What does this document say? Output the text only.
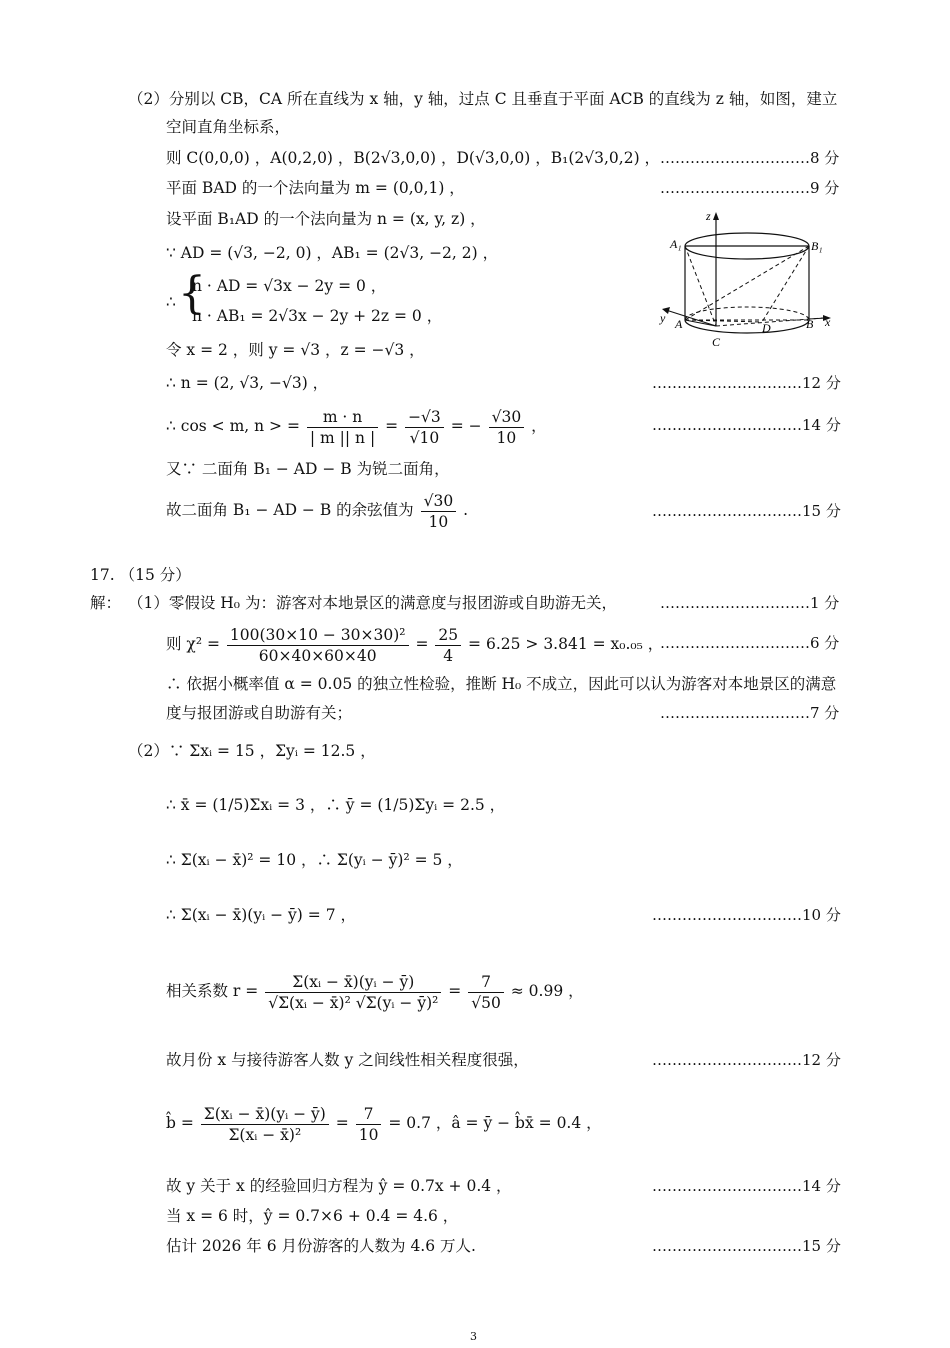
（2）分别以 CB，CA 所在直线为 x 轴，y 轴，过点 C 且垂直于平面 ACB 的直线为 z 轴，如图，建立
空间直角坐标系，
则 C(0,0,0) ，A(0,2,0) ，B(2√3,0,0) ，D(√3,0,0) ，B₁(2√3,0,2) ， …………………………8 分
平面 BAD 的一个法向量为 m = (0,0,1) ，	…………………………9 分
设平面 B₁AD 的一个法向量为 n = (x, y, z) ，
∵ AD = (√3, −2, 0) ，AB₁ = (2√3, −2, 2) ，
∴ {
n · AD = √3x − 2y = 0 ，
n · AB₁ = 2√3x − 2y + 2z = 0 ，
令 x = 2 ，则 y = √3 ，z = −√3 ，
∴ n = (2, √3, −√3) ，	…………………………12 分
∴ cos < m, n > = $\frac{m \cdot n}{| m || n |} = \frac{-√3}{√10}$ = − $\frac{√30}{10}$ ，	…………………………14 分
又∵ 二面角 B₁ − AD − B 为锐二面角，
故二面角 B₁ − AD − B 的余弦值为 $\frac{√30}{10}$ .	…………………………15 分
z
A₁	B₁
y A	D	B x
C
17. （15 分）
解： （1）零假设 H₀ 为：游客对本地景区的满意度与报团游或自助游无关，	…………………………1 分
则 $\chi^2 = \frac{\text{100(30×10 − 30×30)²}}{60\times 40\times 60\times 40} = \frac{25}{4} = 6.25 > 3.841 = x_0._{05}$ ，
…………………………6 分
∴ 依据小概率值 α = 0.05 的独立性检验，推断 H₀ 不成立，因此可以认为游客对本地景区的满意
度与报团游或自助游有关；	…………………………7 分
（2）∵ Σxᵢ = 15 ，Σyᵢ = 12.5 ，
∴ x̄ = (1/5)Σxᵢ = 3 ，∴ ȳ = (1/5)Σyᵢ = 2.5 ，
∴ Σ(xᵢ − x̄)² = 10 ，∴ Σ(yᵢ − ȳ)² = 5 ，
∴ Σ(xᵢ − x̄)(yᵢ − ȳ) = 7 ，	…………………………10 分
相关系数 $r = \frac{\text{Σ(xᵢ − x̄)(yᵢ − ȳ)}}{\text{√Σ(xᵢ − x̄)² √Σ(yᵢ − ȳ)²}} = \frac{7}{√50} \approx 0.99$ ，
故月份 x 与接待游客人数 y 之间线性相关程度很强，	…………………………12 分
b̂ = $\frac{\text{Σ(xᵢ − x̄)(yᵢ − ȳ)}}{\text{Σ(xᵢ − x̄)²}} = \frac{7}{10} = 0.7$ ，â = ȳ − b̂x̄ = 0.4 ，
故 y 关于 x 的经验回归方程为 ŷ = 0.7x + 0.4 ，	…………………………14 分
当 x = 6 时，ŷ = 0.7×6 + 0.4 = 4.6 ，
估计 2026 年 6 月份游客的人数为 4.6 万人.	…………………………15 分
3
